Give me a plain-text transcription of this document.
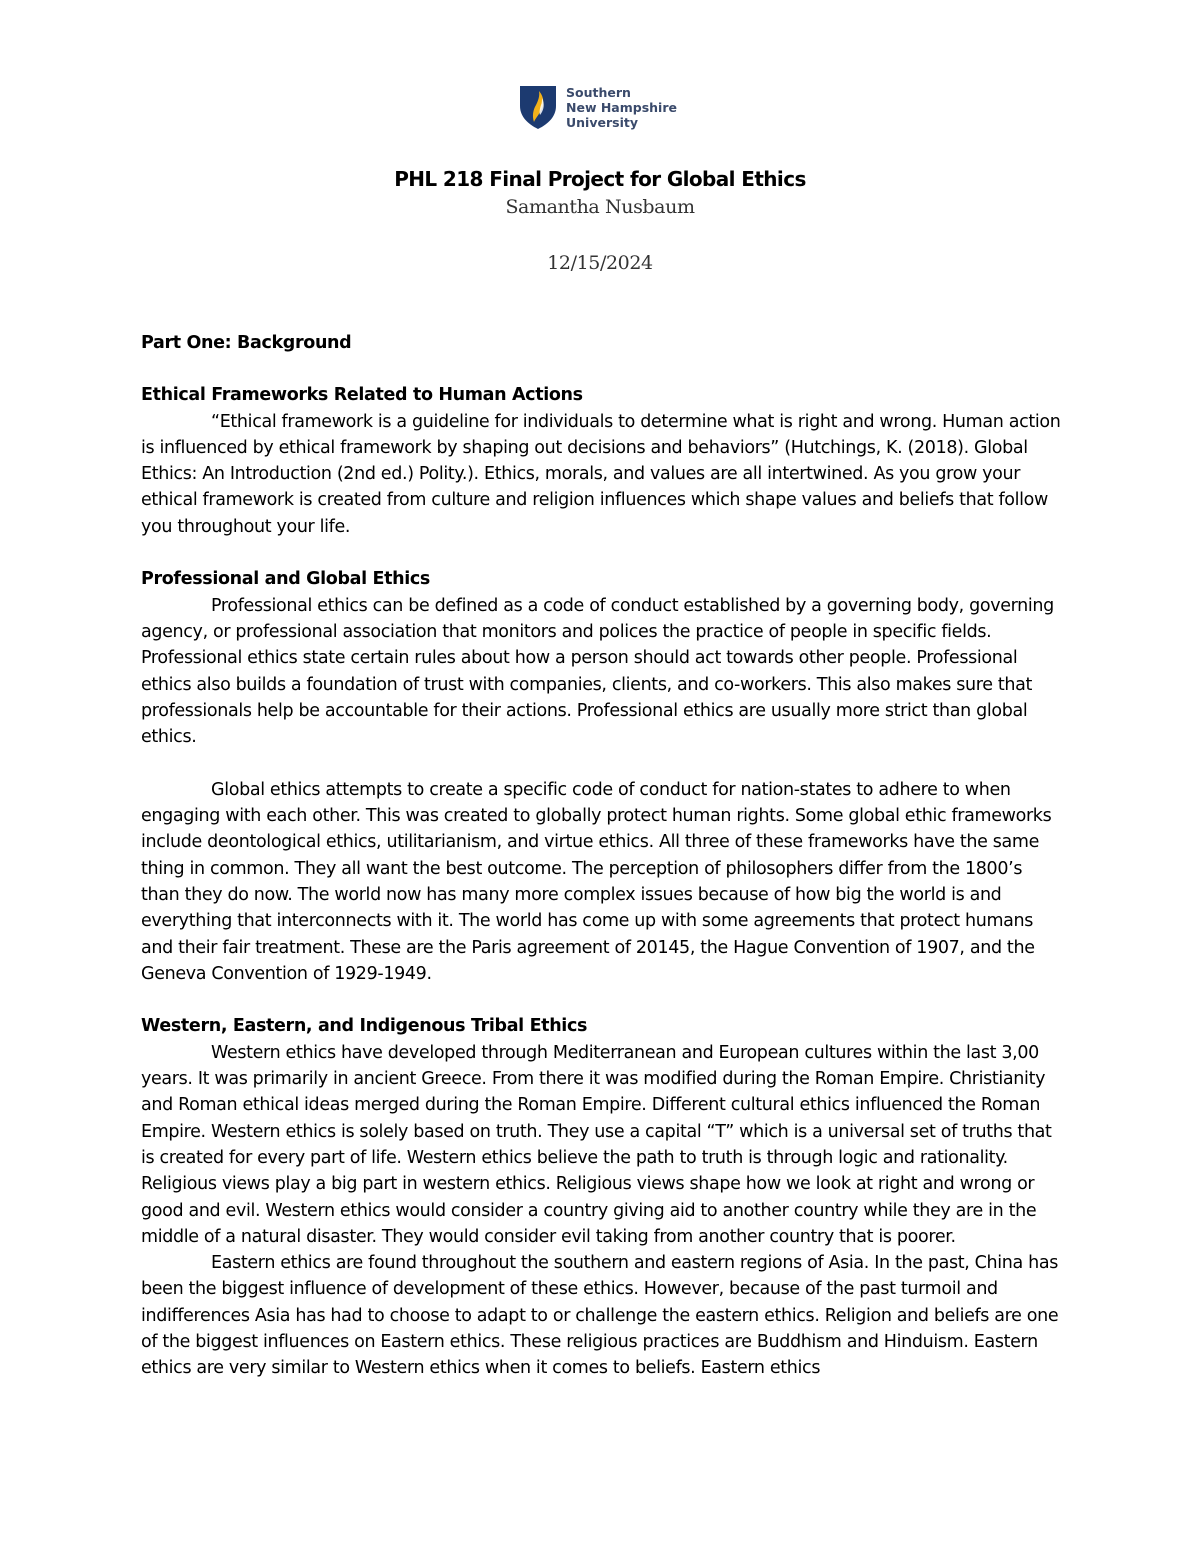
Southern
New Hampshire
University
PHL 218 Final Project for Global Ethics
Samantha Nusbaum
12/15/2024
Part One: Background
Ethical Frameworks Related to Human Actions

“Ethical framework is a guideline for individuals to determine what is right and wrong. Human action is influenced by ethical framework by shaping out decisions and behaviors” (Hutchings, K. (2018). Global Ethics: An Introduction (2nd ed.) Polity.). Ethics, morals, and values are all intertwined. As you grow your ethical framework is created from culture and religion influences which shape values and beliefs that follow you throughout your life.

Professional and Global Ethics

Professional ethics can be defined as a code of conduct established by a governing body, governing agency, or professional association that monitors and polices the practice of people in specific fields. Professional ethics state certain rules about how a person should act towards other people. Professional ethics also builds a foundation of trust with companies, clients, and co-workers. This also makes sure that professionals help be accountable for their actions. Professional ethics are usually more strict than global ethics.

Global ethics attempts to create a specific code of conduct for nation-states to adhere to when engaging with each other. This was created to globally protect human rights. Some global ethic frameworks include deontological ethics, utilitarianism, and virtue ethics. All three of these frameworks have the same thing in common. They all want the best outcome. The perception of philosophers differ from the 1800’s than they do now. The world now has many more complex issues because of how big the world is and everything that interconnects with it. The world has come up with some agreements that protect humans and their fair treatment. These are the Paris agreement of 20145, the Hague Convention of 1907, and the Geneva Convention of 1929-1949.

Western, Eastern, and Indigenous Tribal Ethics

Western ethics have developed through Mediterranean and European cultures within the last 3,00 years. It was primarily in ancient Greece. From there it was modified during the Roman Empire. Christianity and Roman ethical ideas merged during the Roman Empire. Different cultural ethics influenced the Roman Empire. Western ethics is solely based on truth. They use a capital “T” which is a universal set of truths that is created for every part of life. Western ethics believe the path to truth is through logic and rationality. Religious views play a big part in western ethics. Religious views shape how we look at right and wrong or good and evil. Western ethics would consider a country giving aid to another country while they are in the middle of a natural disaster. They would consider evil taking from another country that is poorer.

Eastern ethics are found throughout the southern and eastern regions of Asia. In the past, China has been the biggest influence of development of these ethics. However, because of the past turmoil and indifferences Asia has had to choose to adapt to or challenge the eastern ethics. Religion and beliefs are one of the biggest influences on Eastern ethics. These religious practices are Buddhism and Hinduism. Eastern ethics are very similar to Western ethics when it comes to beliefs. Eastern ethics
